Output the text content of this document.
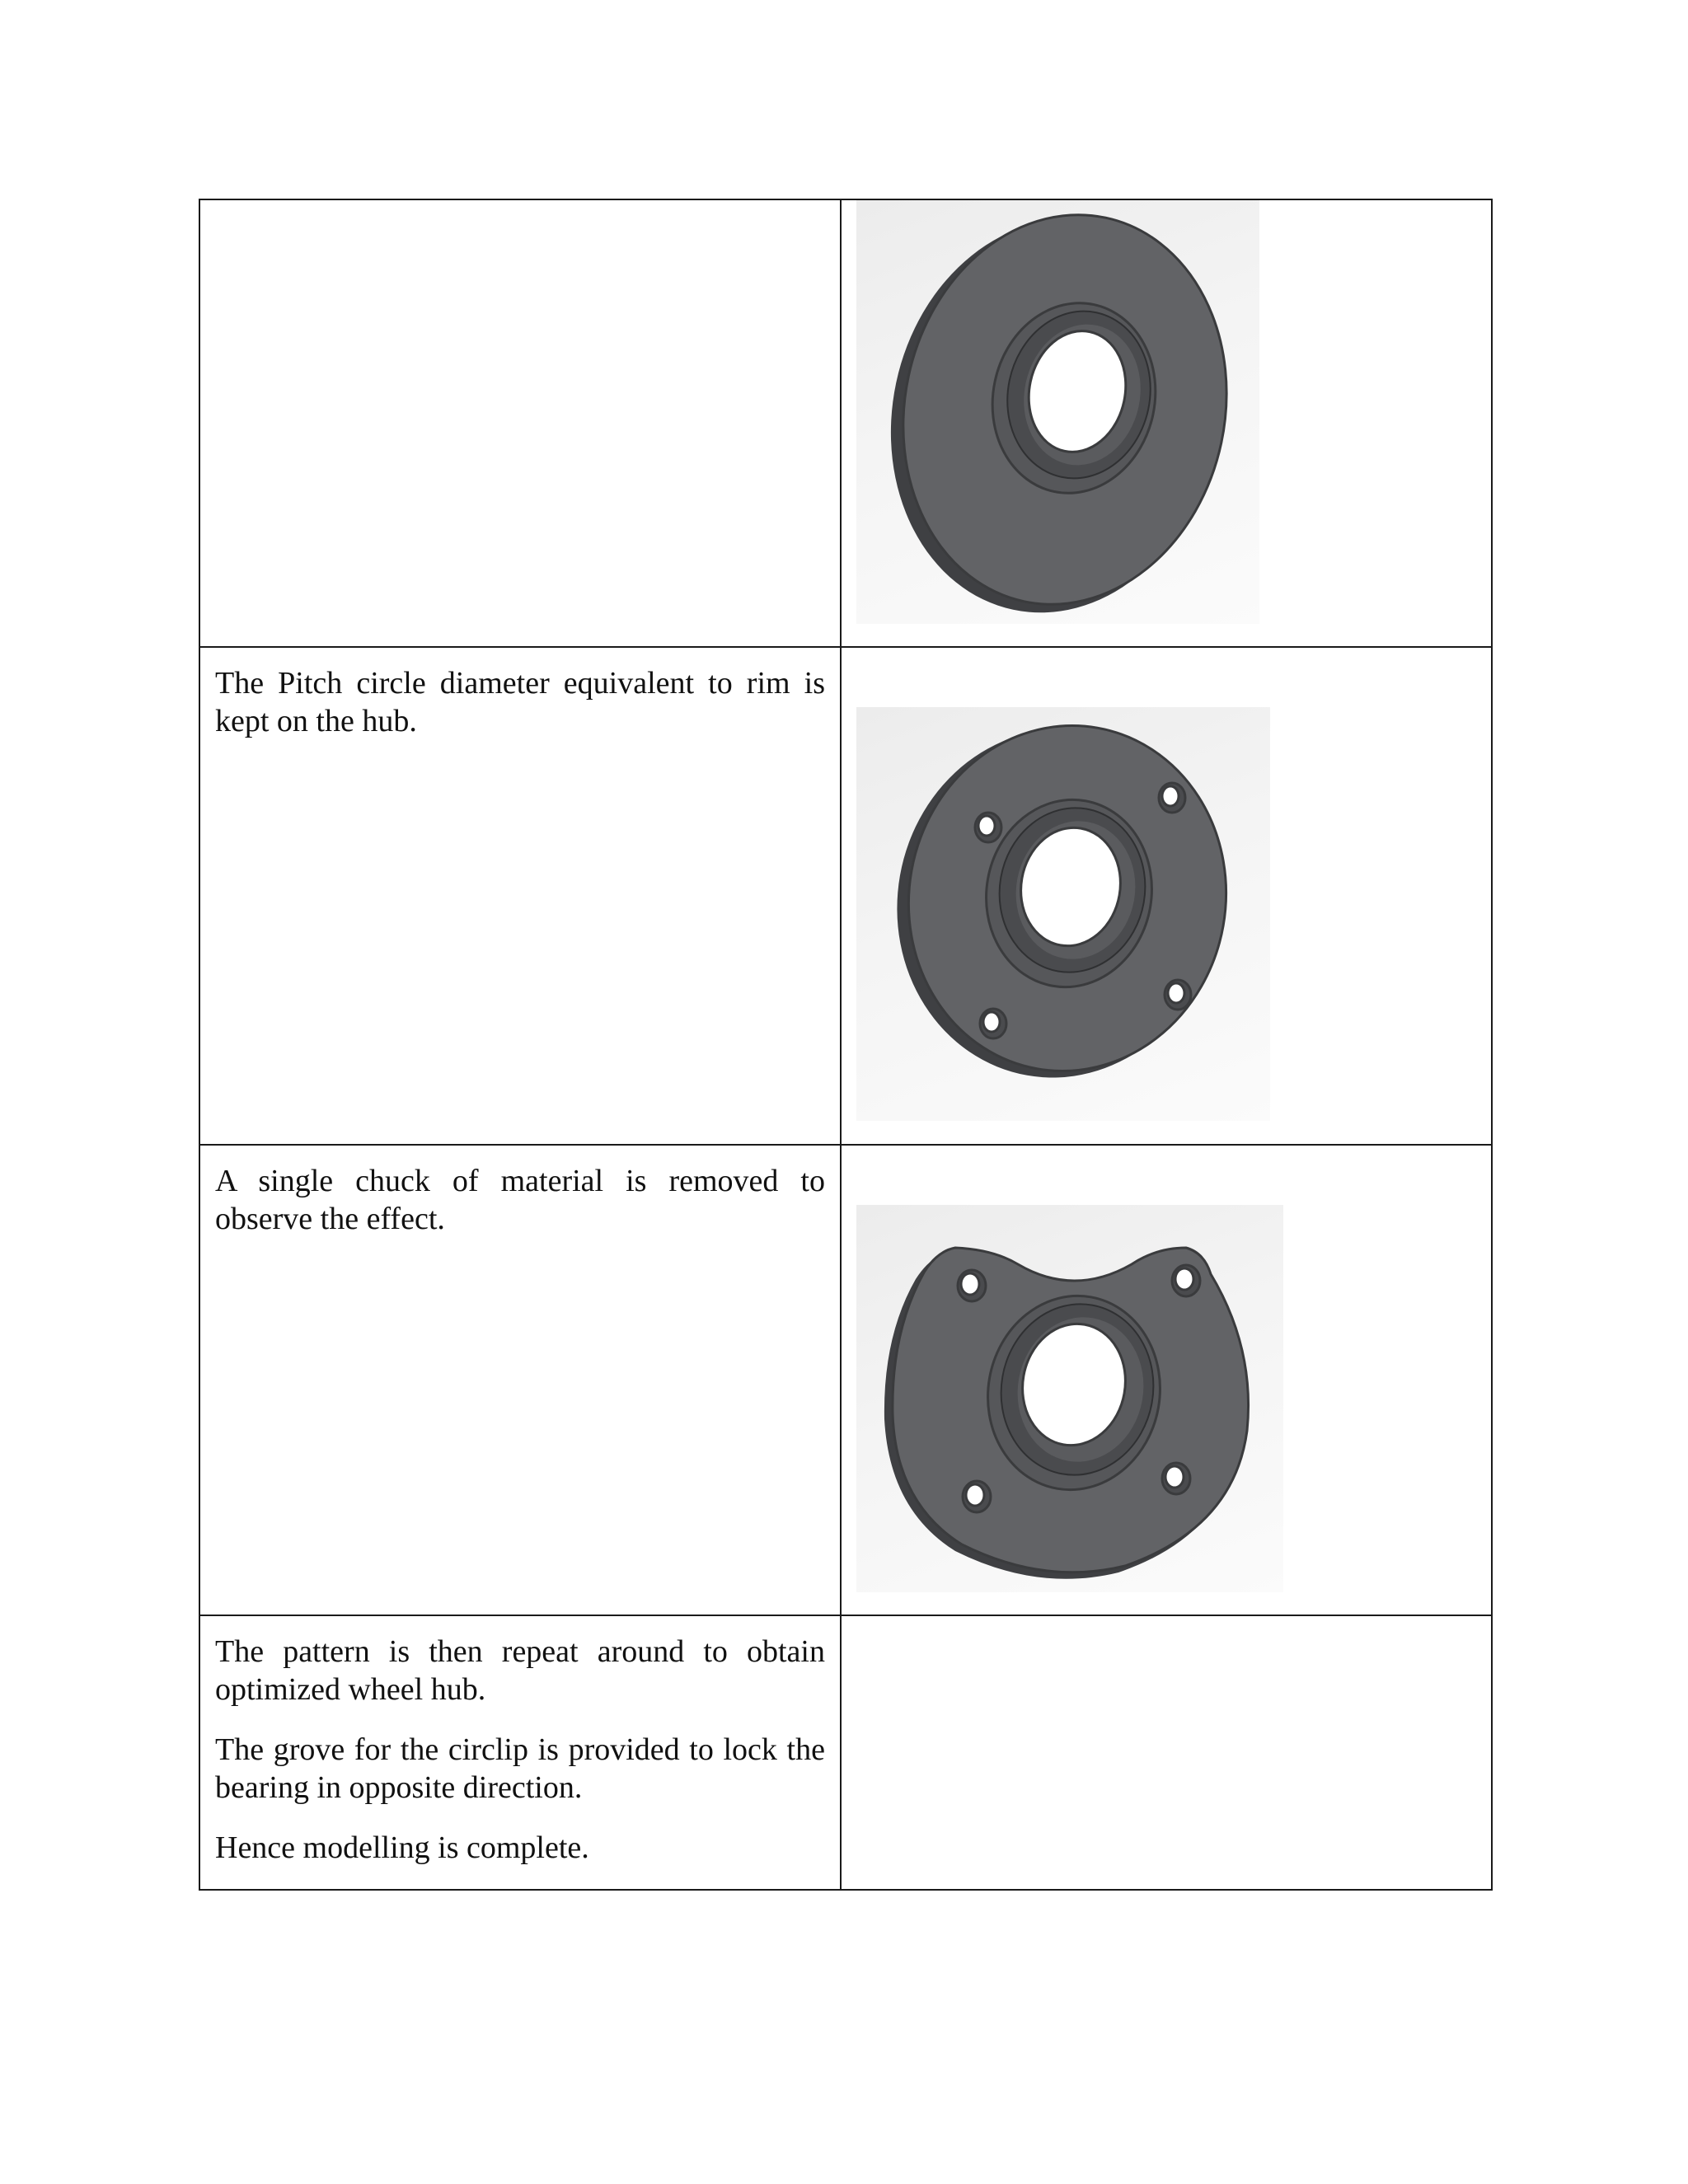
The Pitch circle diameter equivalent to rim is kept on the hub.

A single chuck of material is removed to observe the effect.

The pattern is then repeat around to obtain optimized wheel hub.

The grove for the circlip is provided to lock the bearing in opposite direction.

Hence modelling is complete.	
